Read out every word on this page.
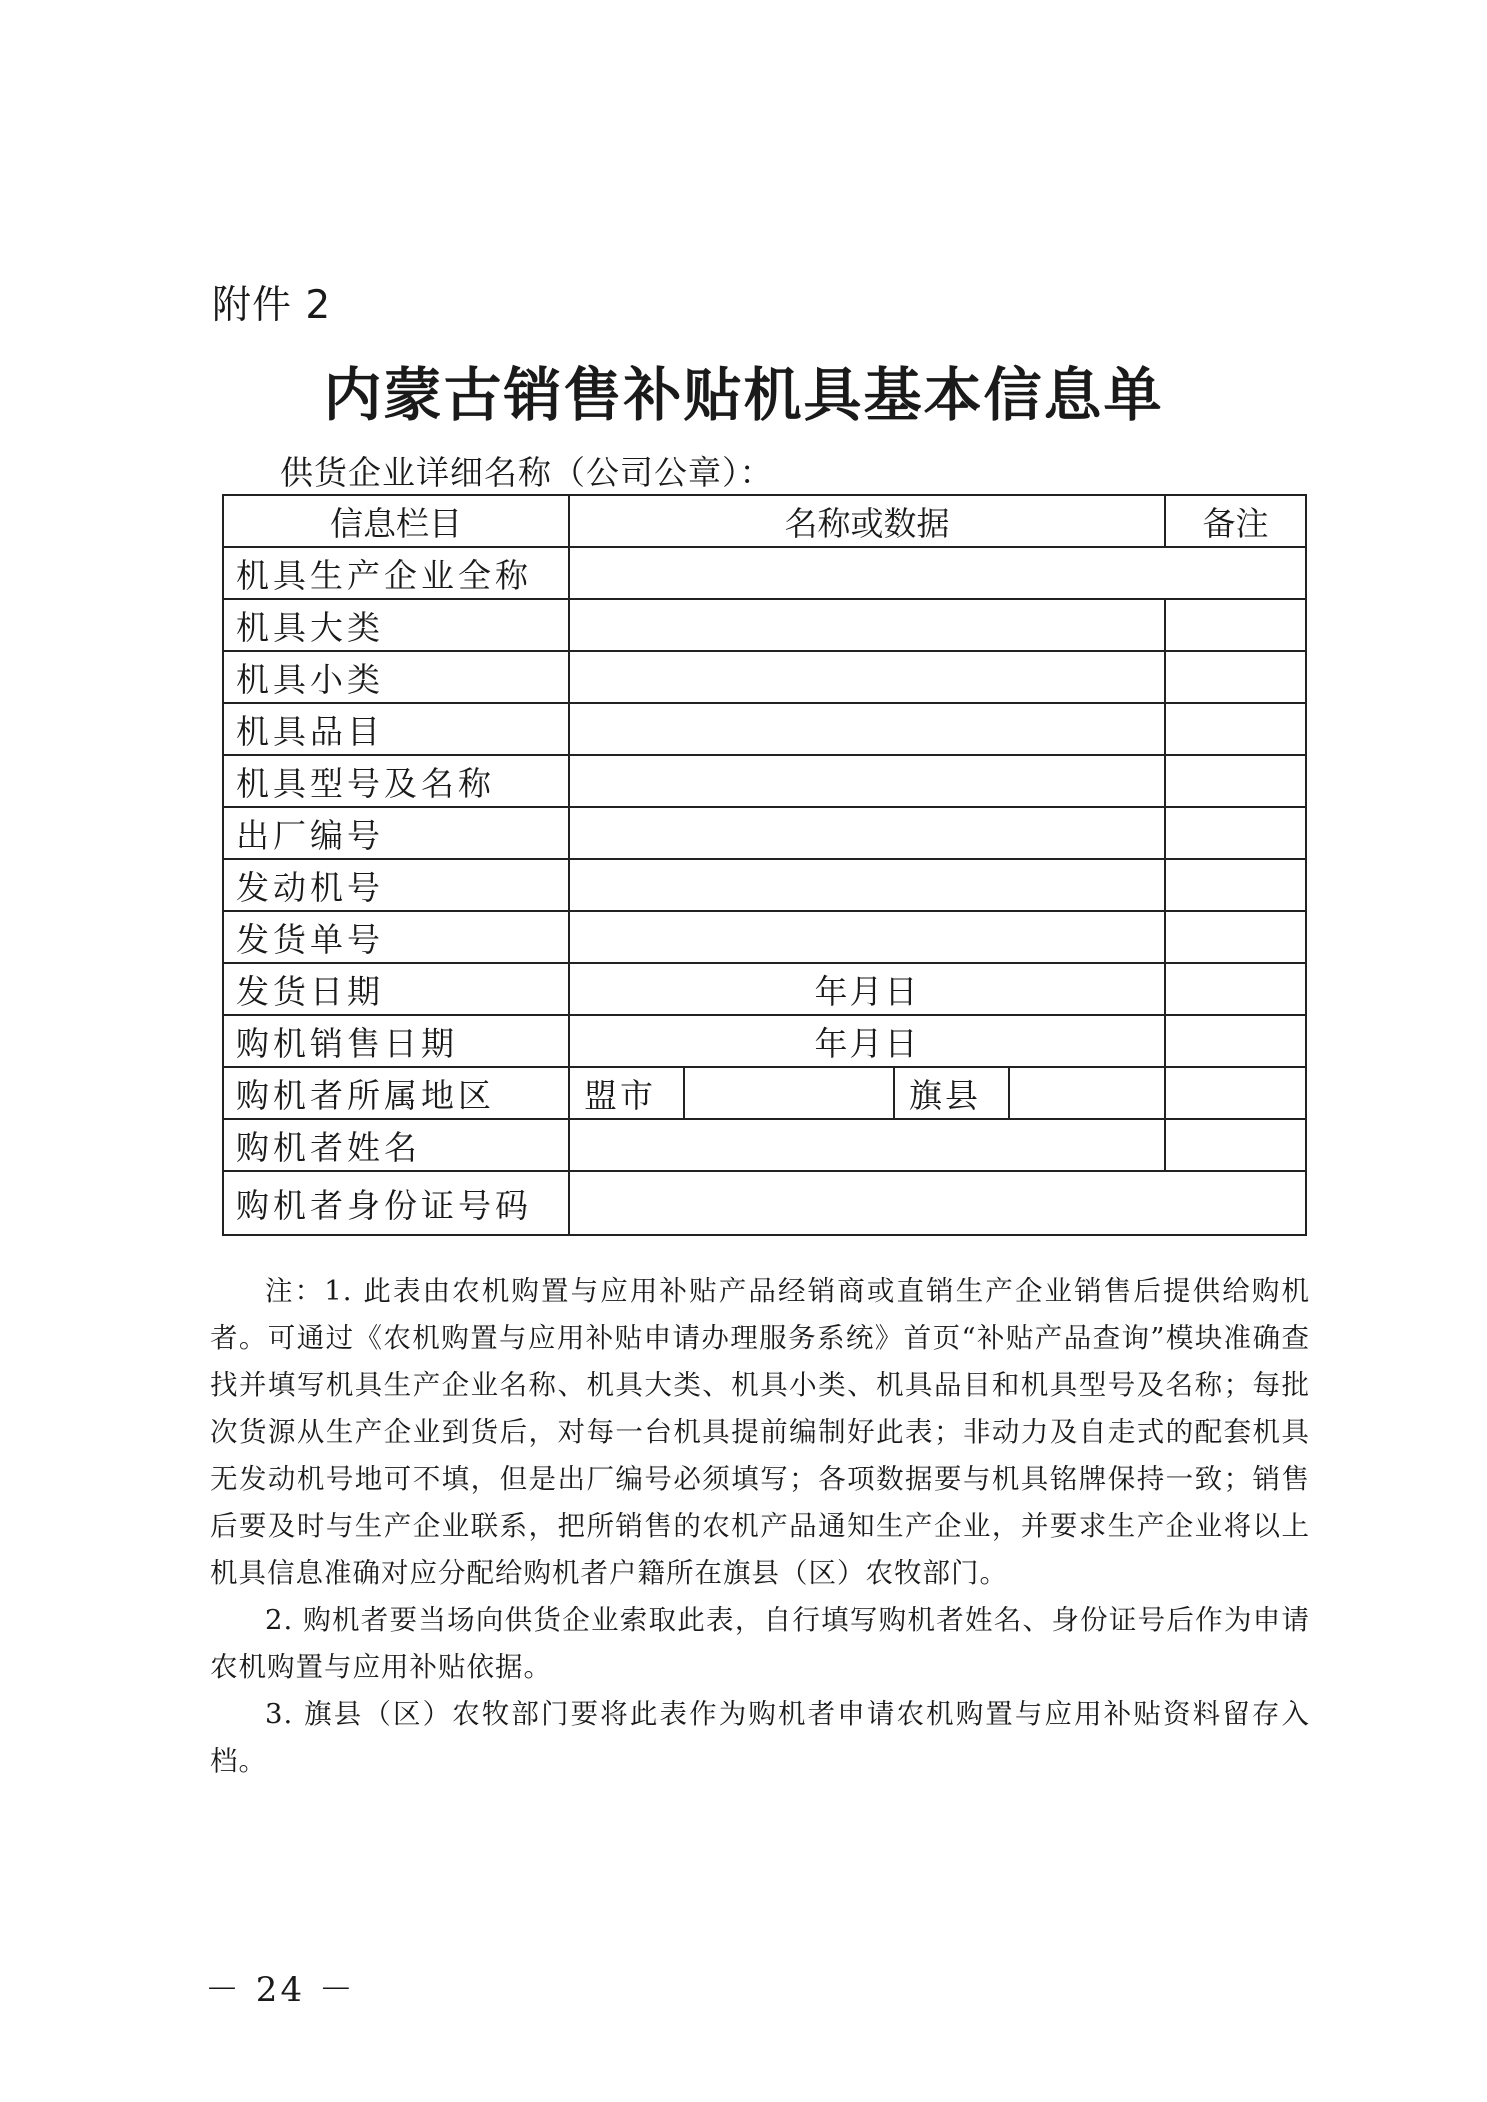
附件 2
内蒙古销售补贴机具基本信息单
供货企业详细名称（公司公章）：
信息栏目	名称或数据				备注
机具生产企业全称					
机具大类					
机具小类					
机具品目					
机具型号及名称					
出厂编号					
发动机号					
发货单号					
发货日期	年月日				
购机销售日期	年月日				
购机者所属地区	盟市		旗县		
购机者姓名					
购机者身份证号码					

注：1. 此表由农机购置与应用补贴产品经销商或直销生产企业销售后提供给购机者。可通过《农机购置与应用补贴申请办理服务系统》首页“补贴产品查询”模块准确查找并填写机具生产企业名称、机具大类、机具小类、机具品目和机具型号及名称；每批次货源从生产企业到货后，对每一台机具提前编制好此表；非动力及自走式的配套机具无发动机号地可不填，但是出厂编号必须填写；各项数据要与机具铭牌保持一致；销售后要及时与生产企业联系，把所销售的农机产品通知生产企业，并要求生产企业将以上机具信息准确对应分配给购机者户籍所在旗县（区）农牧部门。

2. 购机者要当场向供货企业索取此表，自行填写购机者姓名、身份证号后作为申请农机购置与应用补贴依据。

3. 旗县（区）农牧部门要将此表作为购机者申请农机购置与应用补贴资料留存入档。

－ 24 －
